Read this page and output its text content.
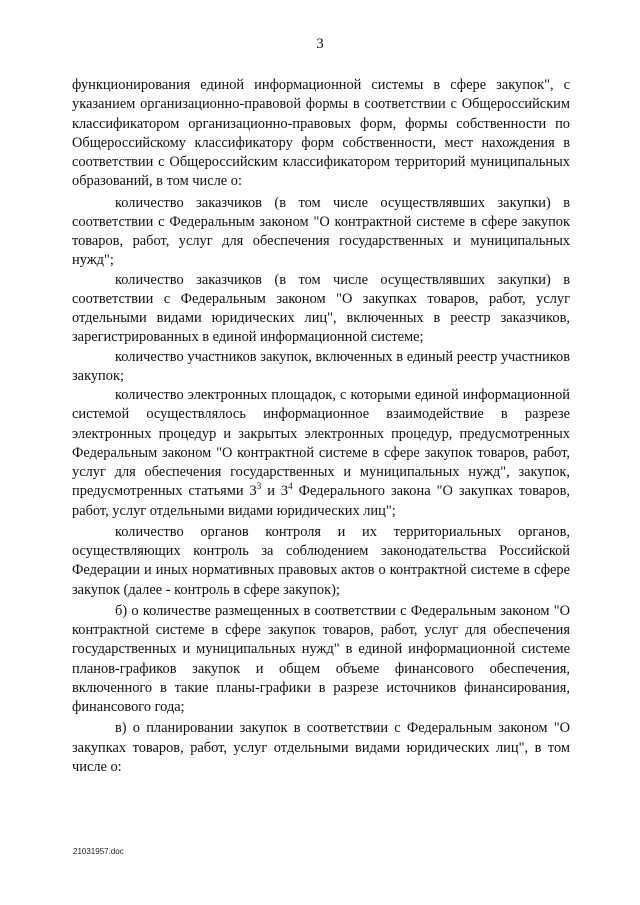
3

функционирования единой информационной системы в сфере закупок", с указанием организационно-правовой формы в соответствии с Общероссийским классификатором организационно-правовых форм, формы собственности по Общероссийскому классификатору форм собственности, мест нахождения в соответствии с Общероссийским классификатором территорий муниципальных образований, в том числе о:

количество заказчиков (в том числе осуществлявших закупки) в соответствии с Федеральным законом "О контрактной системе в сфере закупок товаров, работ, услуг для обеспечения государственных и муниципальных нужд";

количество заказчиков (в том числе осуществлявших закупки) в соответствии с Федеральным законом "О закупках товаров, работ, услуг отдельными видами юридических лиц", включенных в реестр заказчиков, зарегистрированных в единой информационной системе;

количество участников закупок, включенных в единый реестр участников закупок;

количество электронных площадок, с которыми единой информационной системой осуществлялось информационное взаимодействие в разрезе электронных процедур и закрытых электронных процедур, предусмотренных Федеральным законом "О контрактной системе в сфере закупок товаров, работ, услуг для обеспечения государственных и муниципальных нужд", закупок, предусмотренных статьями $3^3$ и $3^4$ Федерального закона "О закупках товаров, работ, услуг отдельными видами юридических лиц";

количество органов контроля и их территориальных органов, осуществляющих контроль за соблюдением законодательства Российской Федерации и иных нормативных правовых актов о контрактной системе в сфере закупок (далее - контроль в сфере закупок);

б) о количестве размещенных в соответствии с Федеральным законом "О контрактной системе в сфере закупок товаров, работ, услуг для обеспечения государственных и муниципальных нужд" в единой информационной системе планов-графиков закупок и общем объеме финансового обеспечения, включенного в такие планы-графики в разрезе источников финансирования, финансового года;

в) о планировании закупок в соответствии с Федеральным законом "О закупках товаров, работ, услуг отдельными видами юридических лиц", в том числе о:

21031957.doc
